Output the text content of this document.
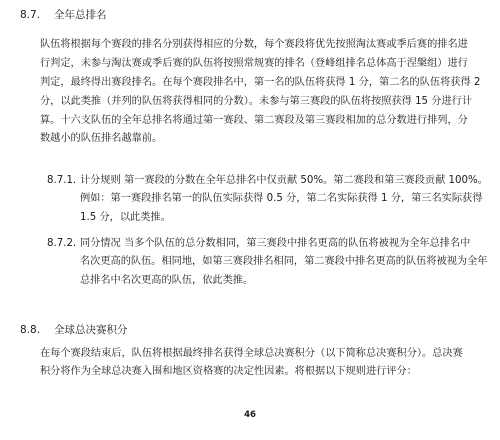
8.7.	全年总排名
队伍将根据每个赛段的排名分别获得相应的分数，每个赛段将优先按照淘汰赛或季后赛的排名进
行判定，未参与淘汰赛或季后赛的队伍将按照常规赛的排名（登峰组排名总体高于涅槃组）进行
判定，最终得出赛段排名。在每个赛段排名中，第一名的队伍将获得 1 分，第二名的队伍将获得 2
分，以此类推（并列的队伍将获得相同的分数）。未参与第三赛段的队伍将按照获得 15 分进行计
算。十六支队伍的全年总排名将通过第一赛段、第二赛段及第三赛段相加的总分数进行排列，分
数越小的队伍排名越靠前。
8.7.1. 计分规则 第一赛段的分数在全年总排名中仅贡献 50%。第二赛段和第三赛段贡献 100%。
例如：第一赛段排名第一的队伍实际获得 0.5 分，第二名实际获得 1 分，第三名实际获得
1.5 分，以此类推。
8.7.2. 同分情况 当多个队伍的总分数相同，第三赛段中排名更高的队伍将被视为全年总排名中
名次更高的队伍。相同地，如第三赛段排名相同，第二赛段中排名更高的队伍将被视为全年
总排名中名次更高的队伍，依此类推。
8.8.	全球总决赛积分
在每个赛段结束后，队伍将根据最终排名获得全球总决赛积分（以下简称总决赛积分）。总决赛
积分将作为全球总决赛入围和地区资格赛的决定性因素。将根据以下规则进行评分：
46
